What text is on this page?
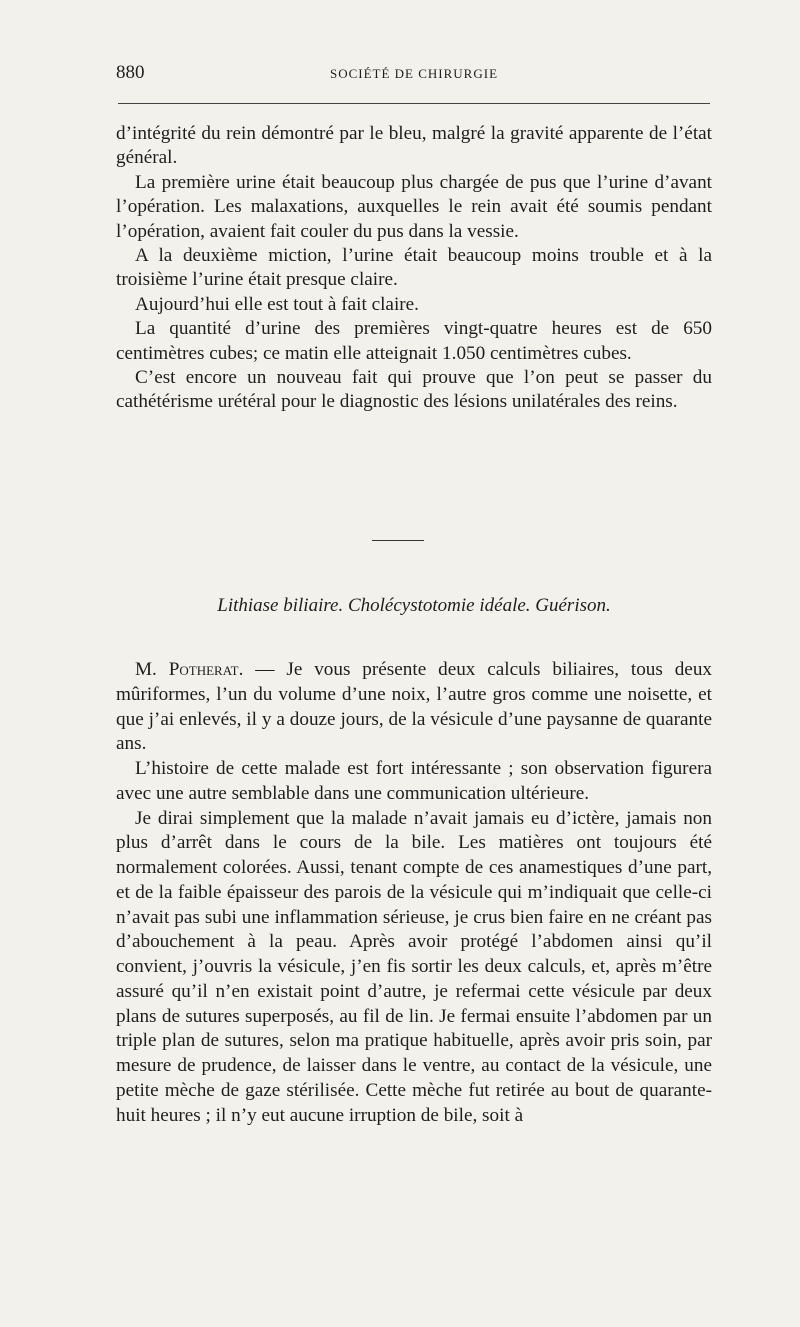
880	SOCIÉTÉ DE CHIRURGIE

d’intégrité du rein démontré par le bleu, malgré la gravité apparente de l’état général.

La première urine était beaucoup plus chargée de pus que l’urine d’avant l’opération. Les malaxations, auxquelles le rein avait été soumis pendant l’opération, avaient fait couler du pus dans la vessie.

A la deuxième miction, l’urine était beaucoup moins trouble et à la troisième l’urine était presque claire.

Aujourd’hui elle est tout à fait claire.

La quantité d’urine des premières vingt-quatre heures est de 650 centimètres cubes; ce matin elle atteignait 1.050 centimètres cubes.

C’est encore un nouveau fait qui prouve que l’on peut se passer du cathétérisme urétéral pour le diagnostic des lésions unilatérales des reins.

Lithiase biliaire. Cholécystotomie idéale. Guérison.

M. Potherat. — Je vous présente deux calculs biliaires, tous deux mûriformes, l’un du volume d’une noix, l’autre gros comme une noisette, et que j’ai enlevés, il y a douze jours, de la vésicule d’une paysanne de quarante ans.

L’histoire de cette malade est fort intéressante ; son observation figurera avec une autre semblable dans une communication ultérieure.

Je dirai simplement que la malade n’avait jamais eu d’ictère, jamais non plus d’arrêt dans le cours de la bile. Les matières ont toujours été normalement colorées. Aussi, tenant compte de ces anamestiques d’une part, et de la faible épaisseur des parois de la vésicule qui m’indiquait que celle-ci n’avait pas subi une inflammation sérieuse, je crus bien faire en ne créant pas d’abouchement à la peau. Après avoir protégé l’abdomen ainsi qu’il convient, j’ouvris la vésicule, j’en fis sortir les deux calculs, et, après m’être assuré qu’il n’en existait point d’autre, je refermai cette vésicule par deux plans de sutures superposés, au fil de lin. Je fermai ensuite l’abdomen par un triple plan de sutures, selon ma pratique habituelle, après avoir pris soin, par mesure de prudence, de laisser dans le ventre, au contact de la vésicule, une petite mèche de gaze stérilisée. Cette mèche fut retirée au bout de quarante-huit heures ; il n’y eut aucune irruption de bile, soit à
